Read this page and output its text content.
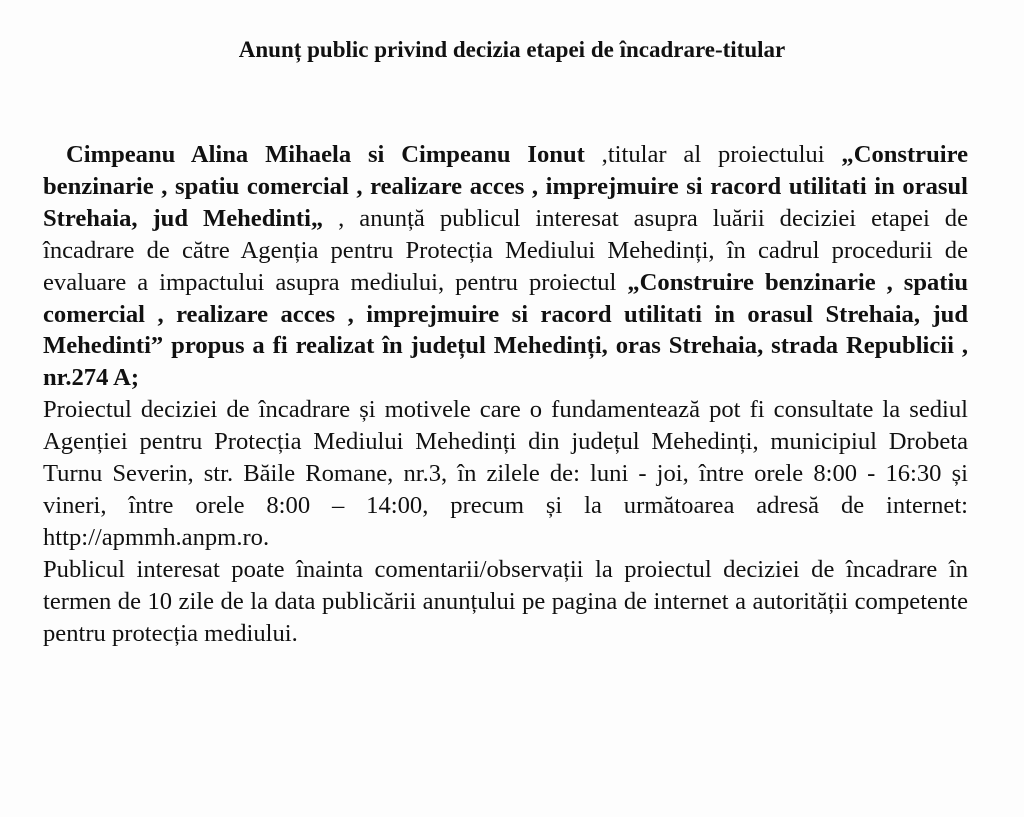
Anunț public privind decizia etapei de încadrare-titular

Cimpeanu Alina Mihaela si Cimpeanu Ionut ,titular al proiectului „Construire benzinarie , spatiu comercial , realizare acces , imprejmuire si racord utilitati in orasul Strehaia, jud Mehedinti„ , anunță publicul interesat asupra luării deciziei etapei de încadrare de către Agenția pentru Protecția Mediului Mehedinți, în cadrul procedurii de evaluare a impactului asupra mediului, pentru proiectul „Construire benzinarie , spatiu comercial , realizare acces , imprejmuire si racord utilitati in orasul Strehaia, jud Mehedinti” propus a fi realizat în județul Mehedinți, oras Strehaia, strada Republicii , nr.274 A;

Proiectul deciziei de încadrare și motivele care o fundamentează pot fi consultate la sediul Agenției pentru Protecția Mediului Mehedinți din județul Mehedinți, municipiul Drobeta Turnu Severin, str. Băile Romane, nr.3, în zilele de: luni - joi, între orele 8:00 - 16:30 și vineri, între orele 8:00 – 14:00, precum și la următoarea adresă de internet: http://apmmh.anpm.ro.

Publicul interesat poate înainta comentarii/observații la proiectul deciziei de încadrare în termen de 10 zile de la data publicării anunțului pe pagina de internet a autorității competente pentru protecția mediului.
